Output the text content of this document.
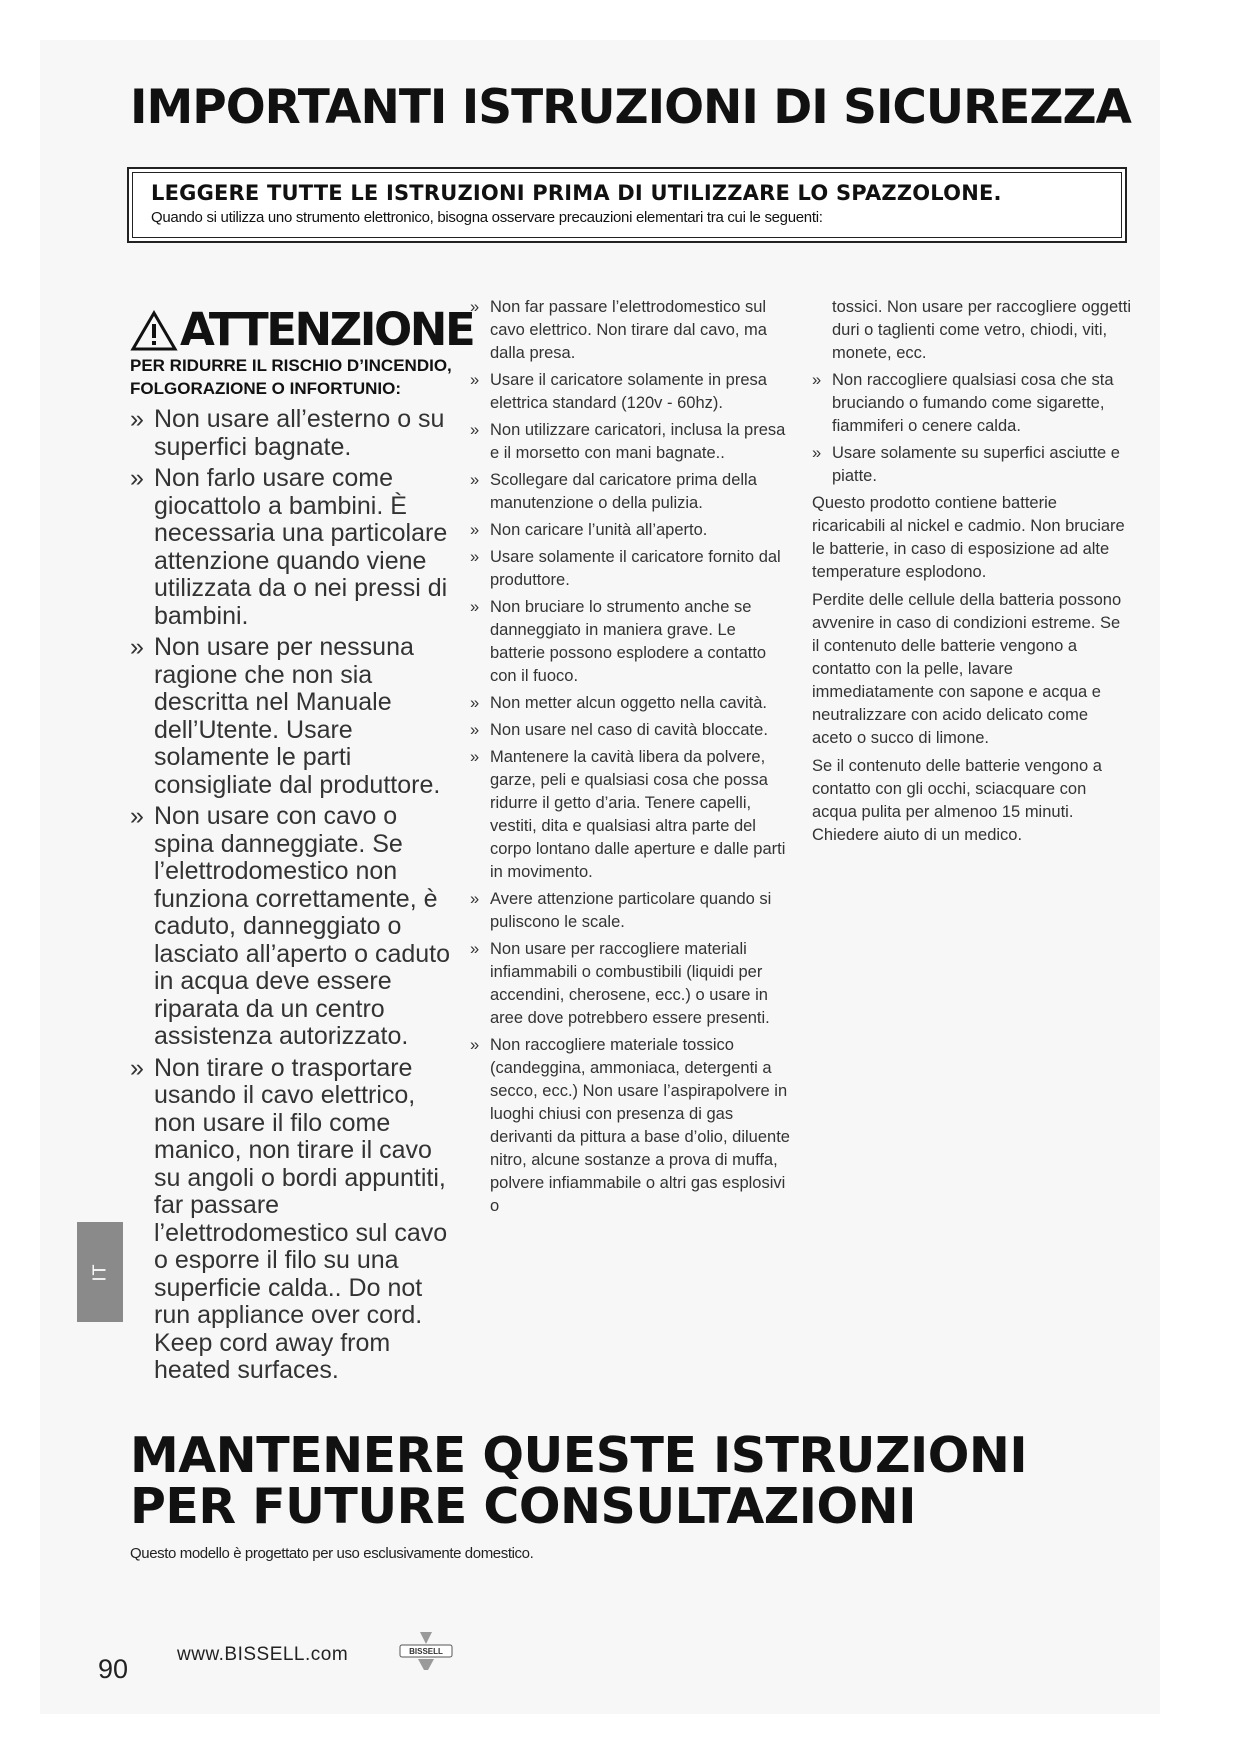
IMPORTANTI ISTRUZIONI DI SICUREZZA
LEGGERE TUTTE LE ISTRUZIONI PRIMA DI UTILIZZARE LO SPAZZOLONE.
Quando si utilizza uno strumento elettronico, bisogna osservare precauzioni elementari tra cui le seguenti:
ATTENZIONE
PER RIDURRE IL RISCHIO D’INCENDIO, FOLGORAZIONE O INFORTUNIO:
» Non usare all’esterno o su superfici bagnate.
» Non farlo usare come giocattolo a bambini. È necessaria una particolare attenzione quando viene utilizzata da o nei pressi di bambini.
» Non usare per nessuna ragione che non sia descritta nel Manuale dell’Utente. Usare solamente le parti consigliate dal produttore.
» Non usare con cavo o spina danneggiate. Se l’elettrodomestico non funziona correttamente, è caduto, danneggiato o lasciato all’aperto o caduto in acqua deve essere riparata da un centro assistenza autorizzato.
» Non tirare o trasportare usando il cavo elettrico, non usare il filo come manico, non tirare il cavo su angoli o bordi appuntiti, far passare l’elettrodomestico sul cavo o esporre il filo su una superficie calda.. Do not run appliance over cord. Keep cord away from heated surfaces.
» Non far passare l’elettrodomestico sul cavo elettrico. Non tirare dal cavo, ma dalla presa.
» Usare il caricatore solamente in presa elettrica standard (120v - 60hz).
» Non utilizzare caricatori, inclusa la presa e il morsetto con mani bagnate..
» Scollegare dal caricatore prima della manutenzione o della pulizia.
» Non caricare l’unità all’aperto.
» Usare solamente il caricatore fornito dal produttore.
» Non bruciare lo strumento anche se danneggiato in maniera grave. Le batterie possono esplodere a contatto con il fuoco.
» Non metter alcun oggetto nella cavità.
» Non usare nel caso di cavità bloccate.
» Mantenere la cavità libera da polvere, garze, peli e qualsiasi cosa che possa ridurre il getto d’aria. Tenere capelli, vestiti, dita e qualsiasi altra parte del corpo lontano dalle aperture e dalle parti in movimento.
» Avere attenzione particolare quando si puliscono le scale.
» Non usare per raccogliere materiali infiammabili o combustibili (liquidi per accendini, cherosene, ecc.) o usare in aree dove potrebbero essere presenti.
» Non raccogliere materiale tossico (candeggina, ammoniaca, detergenti a secco, ecc.) Non usare l’aspirapolvere in luoghi chiusi con presenza di gas derivanti da pittura a base d’olio, diluente nitro, alcune sostanze a prova di muffa, polvere infiammabile o altri gas esplosivi o
tossici. Non usare per raccogliere oggetti duri o taglienti come vetro, chiodi, viti, monete, ecc.
» Non raccogliere qualsiasi cosa che sta bruciando o fumando come sigarette, fiammiferi o cenere calda.
» Usare solamente su superfici asciutte e piatte.
Questo prodotto contiene batterie ricaricabili al nickel e cadmio. Non bruciare le batterie, in caso di esposizione ad alte temperature esplodono.
Perdite delle cellule della batteria possono avvenire in caso di condizioni estreme. Se il contenuto delle batterie vengono a contatto con la pelle, lavare immediatamente con sapone e acqua e neutralizzare con acido delicato come aceto o succo di limone.
Se il contenuto delle batterie vengono a contatto con gli occhi, sciacquare con acqua pulita per almenoo 15 minuti. Chiedere aiuto di un medico.
IT
MANTENERE QUESTE ISTRUZIONI
PER FUTURE CONSULTAZIONI
Questo modello è progettato per uso esclusivamente domestico.
90	www.BISSELL.com	BISSELL
